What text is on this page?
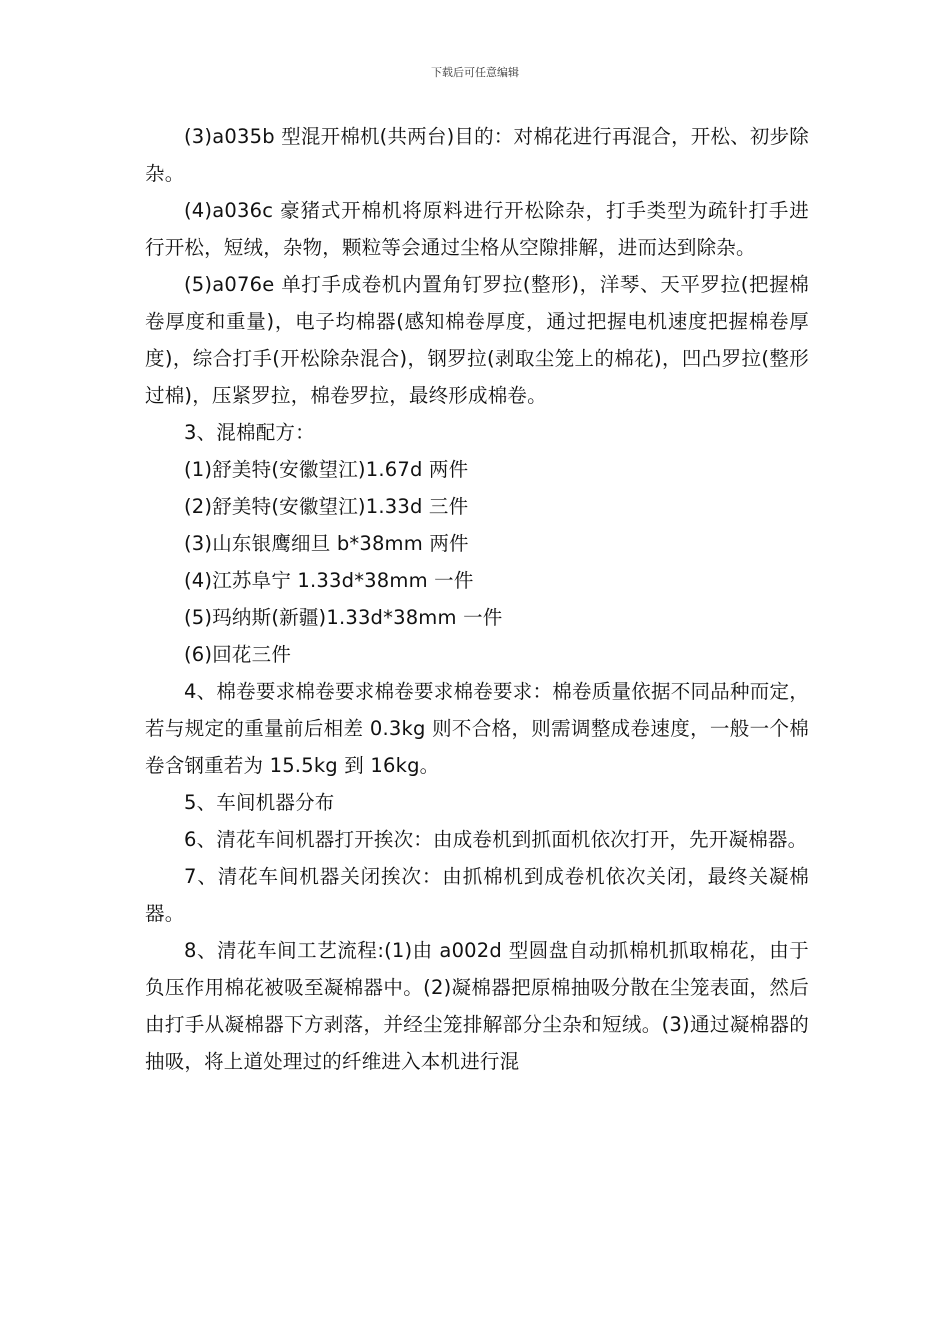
下载后可任意编辑

(3)a035b 型混开棉机(共两台)目的：对棉花进行再混合，开松、初步除杂。

(4)a036c 豪猪式开棉机将原料进行开松除杂，打手类型为疏针打手进行开松，短绒，杂物，颗粒等会通过尘格从空隙排解，进而达到除杂。

(5)a076e 单打手成卷机内置角钉罗拉(整形)，洋琴、天平罗拉(把握棉卷厚度和重量)，电子均棉器(感知棉卷厚度，通过把握电机速度把握棉卷厚度)，综合打手(开松除杂混合)，钢罗拉(剥取尘笼上的棉花)，凹凸罗拉(整形过棉)，压紧罗拉，棉卷罗拉，最终形成棉卷。

3、混棉配方：

(1)舒美特(安徽望江)1.67d 两件

(2)舒美特(安徽望江)1.33d 三件

(3)山东银鹰细旦 b*38mm 两件

(4)江苏阜宁 1.33d*38mm 一件

(5)玛纳斯(新疆)1.33d*38mm 一件

(6)回花三件

4、棉卷要求棉卷要求棉卷要求棉卷要求：棉卷质量依据不同品种而定，若与规定的重量前后相差 0.3kg 则不合格，则需调整成卷速度，一般一个棉卷含钢重若为 15.5kg 到 16kg。

5、车间机器分布

6、清花车间机器打开挨次：由成卷机到抓面机依次打开，先开凝棉器。

7、清花车间机器关闭挨次：由抓棉机到成卷机依次关闭，最终关凝棉器。

8、清花车间工艺流程:(1)由 a002d 型圆盘自动抓棉机抓取棉花，由于负压作用棉花被吸至凝棉器中。(2)凝棉器把原棉抽吸分散在尘笼表面，然后由打手从凝棉器下方剥落，并经尘笼排解部分尘杂和短绒。(3)通过凝棉器的抽吸，将上道处理过的纤维进入本机进行混
